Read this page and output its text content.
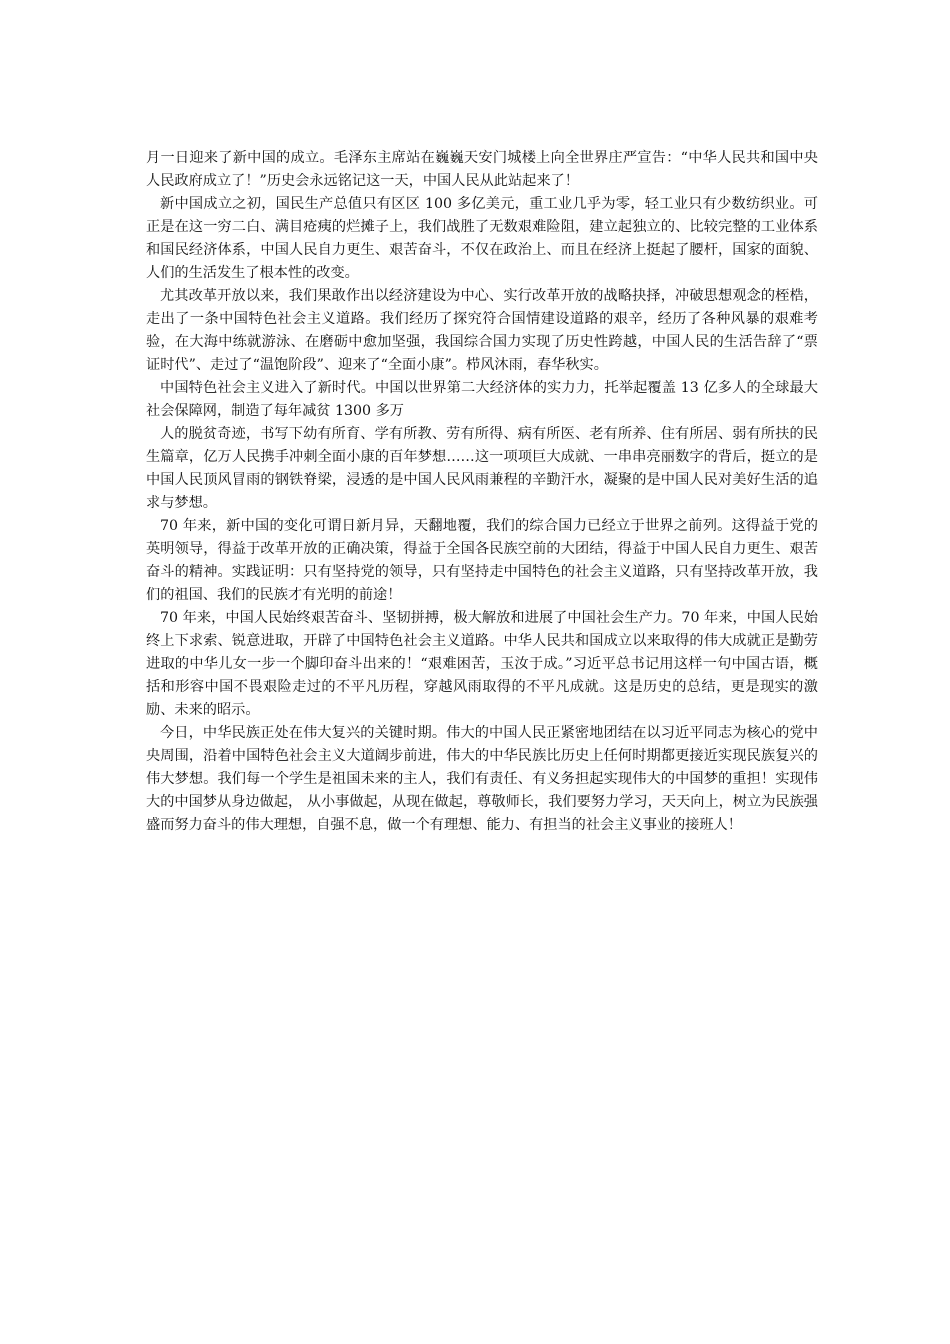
月一日迎来了新中国的成立。毛泽东主席站在巍巍天安门城楼上向全世界庄严宣告：“中华人民共和国中央人民政府成立了！”历史会永远铭记这一天，中国人民从此站起来了！

新中国成立之初，国民生产总值只有区区 100 多亿美元，重工业几乎为零，轻工业只有少数纺织业。可正是在这一穷二白、满目疮痍的烂摊子上，我们战胜了无数艰难险阻，建立起独立的、比较完整的工业体系和国民经济体系，中国人民自力更生、艰苦奋斗，不仅在政治上、而且在经济上挺起了腰杆，国家的面貌、人们的生活发生了根本性的改变。

尤其改革开放以来，我们果敢作出以经济建设为中心、实行改革开放的战略抉择，冲破思想观念的桎梏，走出了一条中国特色社会主义道路。我们经历了探究符合国情建设道路的艰辛，经历了各种风暴的艰难考验，在大海中练就游泳、在磨砺中愈加坚强，我国综合国力实现了历史性跨越，中国人民的生活告辞了“票证时代”、走过了“温饱阶段”、迎来了“全面小康”。栉风沐雨，春华秋实。

中国特色社会主义进入了新时代。中国以世界第二大经济体的实力力，托举起覆盖 13 亿多人的全球最大社会保障网，制造了每年减贫 1300 多万

人的脱贫奇迹，书写下幼有所育、学有所教、劳有所得、病有所医、老有所养、住有所居、弱有所扶的民生篇章，亿万人民携手冲刺全面小康的百年梦想……这一项项巨大成就、一串串亮丽数字的背后，挺立的是中国人民顶风冒雨的钢铁脊梁，浸透的是中国人民风雨兼程的辛勤汗水，凝聚的是中国人民对美好生活的追求与梦想。

70 年来，新中国的变化可谓日新月异，天翻地覆，我们的综合国力已经立于世界之前列。这得益于党的英明领导，得益于改革开放的正确决策，得益于全国各民族空前的大团结，得益于中国人民自力更生、艰苦奋斗的精神。实践证明：只有坚持党的领导，只有坚持走中国特色的社会主义道路，只有坚持改革开放，我们的祖国、我们的民族才有光明的前途！

70 年来，中国人民始终艰苦奋斗、坚韧拼搏，极大解放和进展了中国社会生产力。70 年来，中国人民始终上下求索、锐意进取，开辟了中国特色社会主义道路。中华人民共和国成立以来取得的伟大成就正是勤劳进取的中华儿女一步一个脚印奋斗出来的！“艰难困苦，玉汝于成。”习近平总书记用这样一句中国古语，概括和形容中国不畏艰险走过的不平凡历程，穿越风雨取得的不平凡成就。这是历史的总结，更是现实的激励、未来的昭示。

今日，中华民族正处在伟大复兴的关键时期。伟大的中国人民正紧密地团结在以习近平同志为核心的党中央周围，沿着中国特色社会主义大道阔步前进，伟大的中华民族比历史上任何时期都更接近实现民族复兴的伟大梦想。我们每一个学生是祖国未来的主人，我们有责任、有义务担起实现伟大的中国梦的重担！实现伟大的中国梦从身边做起， 从小事做起，从现在做起，尊敬师长，我们要努力学习，天天向上，树立为民族强盛而努力奋斗的伟大理想，自强不息，做一个有理想、能力、有担当的社会主义事业的接班人！
